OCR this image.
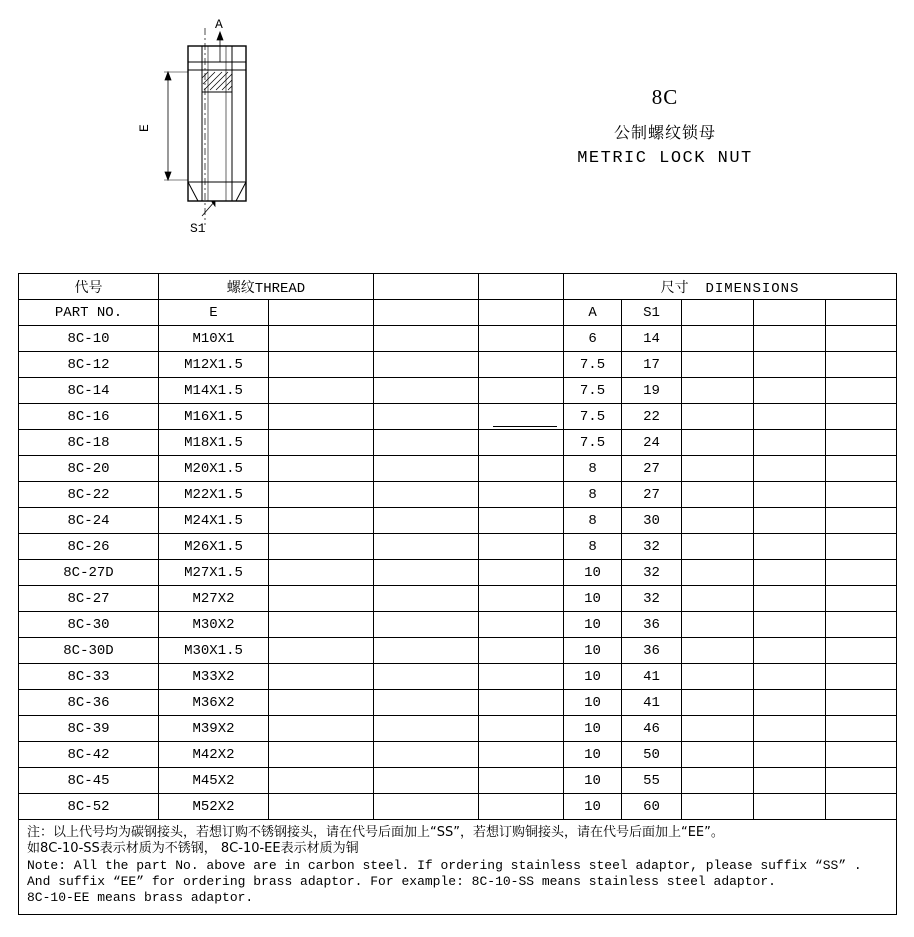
A
E
S1
8C
公制螺纹锁母
METRIC LOCK NUT
代号	螺纹THREAD				尺寸 DIMENSIONS				
PART NO.	E				A	S1			
8C-10	M10X1				6	14			
8C-12	M12X1.5				7.5	17			
8C-14	M14X1.5				7.5	19			
8C-16	M16X1.5				7.5	22			
8C-18	M18X1.5				7.5	24			
8C-20	M20X1.5				8	27			
8C-22	M22X1.5				8	27			
8C-24	M24X1.5				8	30			
8C-26	M26X1.5				8	32			
8C-27D	M27X1.5				10	32			
8C-27	M27X2				10	32			
8C-30	M30X2				10	36			
8C-30D	M30X1.5				10	36			
8C-33	M33X2				10	41			
8C-36	M36X2				10	41			
8C-39	M39X2				10	46			
8C-42	M42X2				10	50			
8C-45	M45X2				10	55			
8C-52	M52X2				10	60			

注：以上代号均为碳钢接头，若想订购不锈钢接头，请在代号后面加上“SS”，若想订购铜接头，请在代号后面加上“EE”。
如8C-10-SS表示材质为不锈钢， 8C-10-EE表示材质为铜
Note: All the part No. above are in carbon steel. If ordering stainless steel adaptor, please suffix “SS” .
And suffix “EE” for ordering brass adaptor. For example: 8C-10-SS means stainless steel adaptor.
8C-10-EE means brass adaptor.									
